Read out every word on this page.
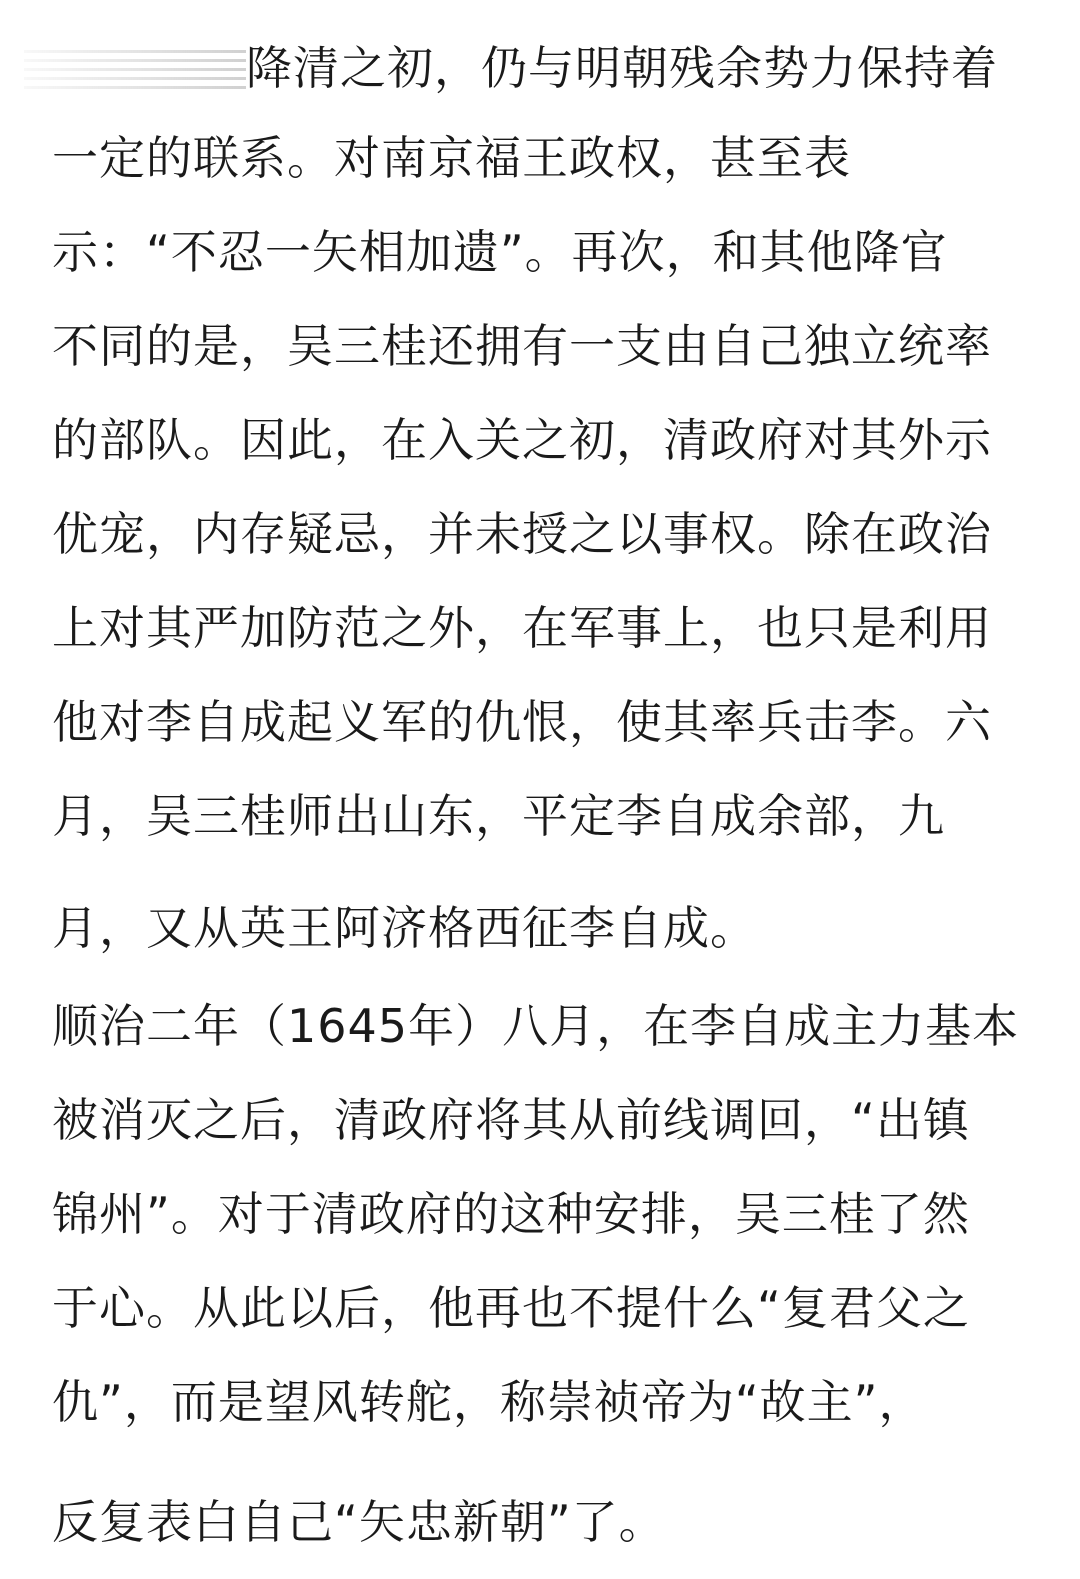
降清之初，仍与明朝残余势力保持着
一定的联系。对南京福王政权，甚至表
示：“不忍一矢相加遗”。再次，和其他降官
不同的是，吴三桂还拥有一支由自己独立统率
的部队。因此，在入关之初，清政府对其外示
优宠，内存疑忌，并未授之以事权。除在政治
上对其严加防范之外，在军事上，也只是利用
他对李自成起义军的仇恨，使其率兵击李。六
月，吴三桂师出山东，平定李自成余部，九
月，又从英王阿济格西征李自成。
顺治二年（1645年）八月，在李自成主力基本
被消灭之后，清政府将其从前线调回，“出镇
锦州”。对于清政府的这种安排，吴三桂了然
于心。从此以后，他再也不提什么“复君父之
仇”，而是望风转舵，称崇祯帝为“故主”，
反复表白自己“矢忠新朝”了。
